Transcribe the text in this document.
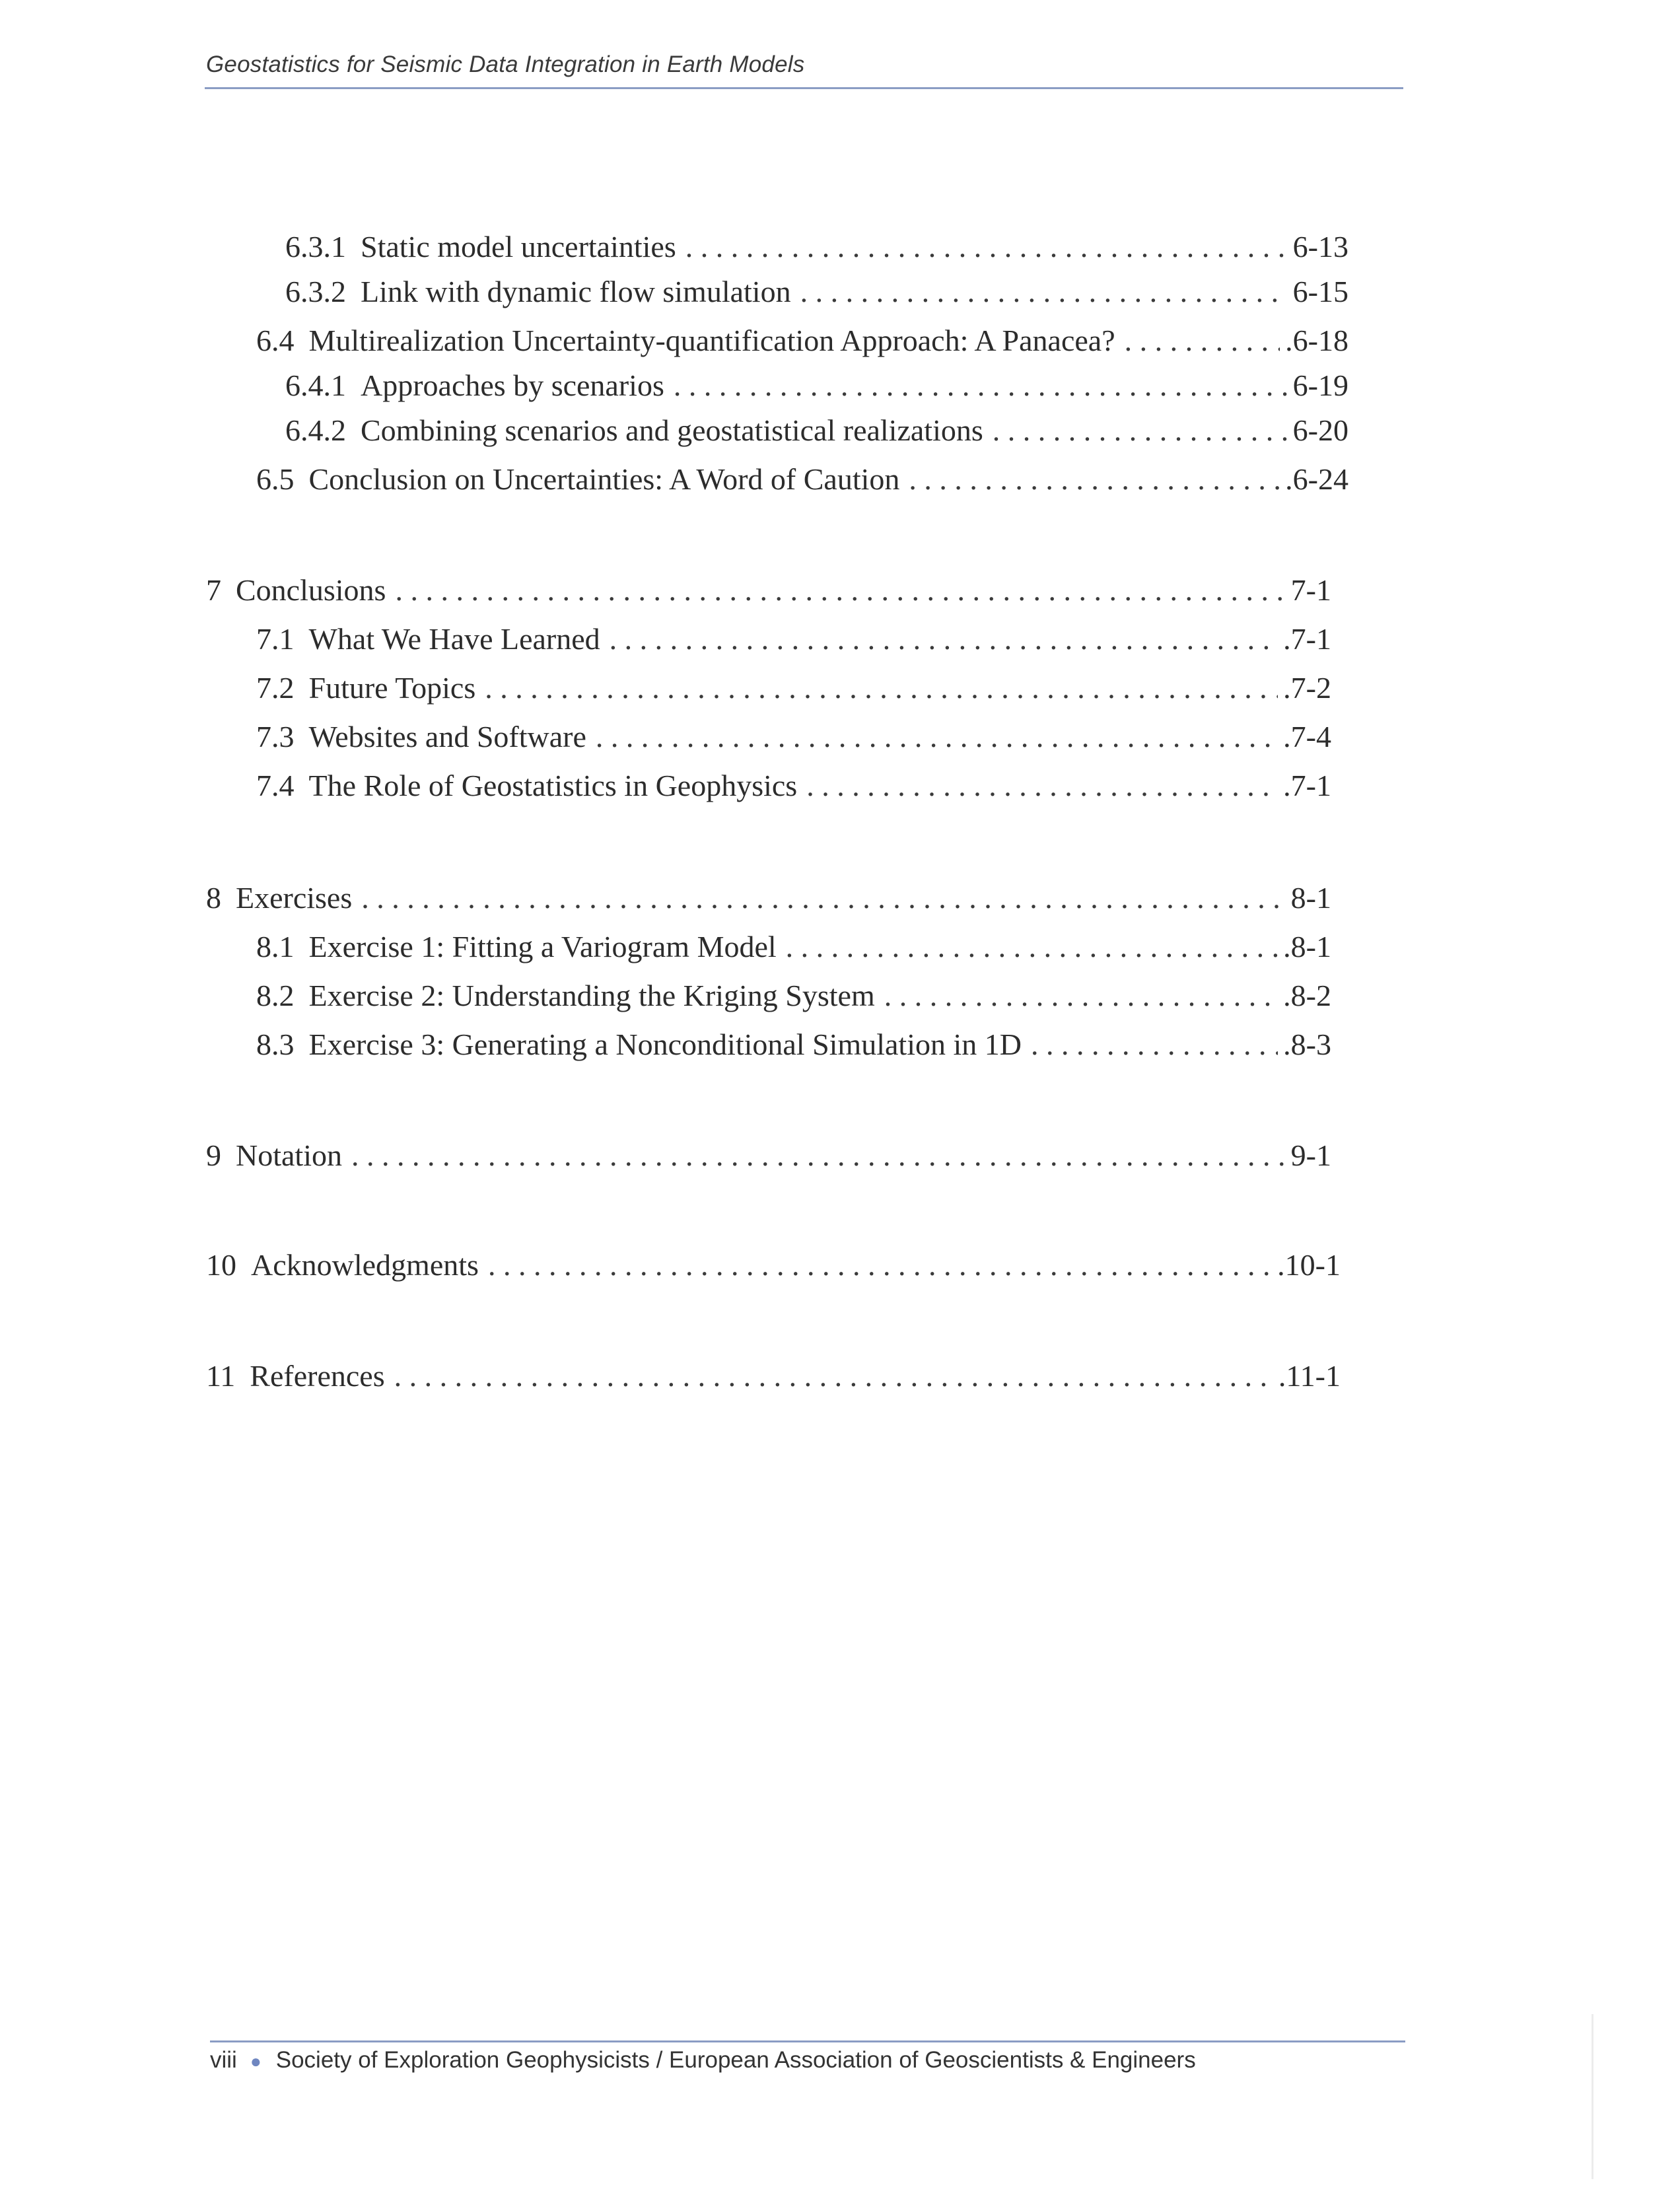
Geostatistics for Seismic Data Integration in Earth Models
6.3.1 Static model uncertainties . . .	6-13
6.3.2 Link with dynamic flow simulation . . .	6-15
6.4 Multirealization Uncertainty-quantification Approach: A Panacea? . . .	.6-18
6.4.1 Approaches by scenarios . . .	6-19
6.4.2 Combining scenarios and geostatistical realizations . . .	6-20
6.5 Conclusion on Uncertainties: A Word of Caution . . .	.6-24
7 Conclusions . . .	7-1
7.1 What We Have Learned . . .	.7-1
7.2 Future Topics . . .	.7-2
7.3 Websites and Software . . .	.7-4
7.4 The Role of Geostatistics in Geophysics . . .	.7-1
8 Exercises . . .	8-1
8.1 Exercise 1: Fitting a Variogram Model . . .	.8-1
8.2 Exercise 2: Understanding the Kriging System . . .	.8-2
8.3 Exercise 3: Generating a Nonconditional Simulation in 1D . . .	.8-3
9 Notation . . .	9-1
10 Acknowledgments . . .	.10-1
11 References . . .	.11-1
viii ● Society of Exploration Geophysicists / European Association of Geoscientists & Engineers
